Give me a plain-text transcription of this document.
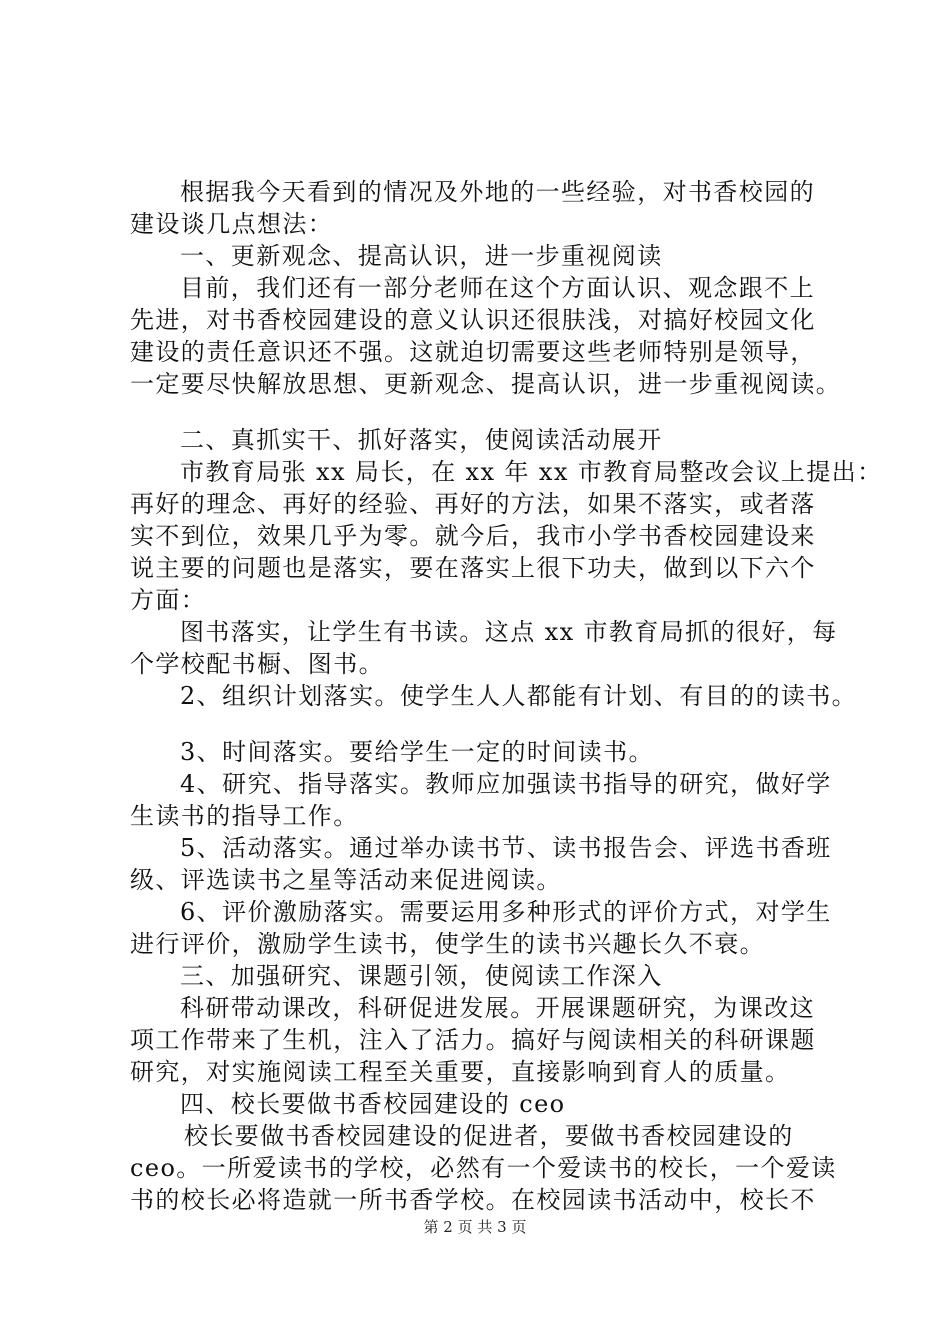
根据我今天看到的情况及外地的一些经验，对书香校园的
建设谈几点想法：
一、更新观念、提高认识，进一步重视阅读
目前，我们还有一部分老师在这个方面认识、观念跟不上
先进，对书香校园建设的意义认识还很肤浅，对搞好校园文化
建设的责任意识还不强。这就迫切需要这些老师特别是领导，
一定要尽快解放思想、更新观念、提高认识，进一步重视阅读。
二、真抓实干、抓好落实，使阅读活动展开
市教育局张 xx 局长，在 xx 年 xx 市教育局整改会议上提出：
再好的理念、再好的经验、再好的方法，如果不落实，或者落
实不到位，效果几乎为零。就今后，我市小学书香校园建设来
说主要的问题也是落实，要在落实上很下功夫，做到以下六个
方面：
图书落实，让学生有书读。这点 xx 市教育局抓的很好，每
个学校配书橱、图书。
2、组织计划落实。使学生人人都能有计划、有目的的读书。
3、时间落实。要给学生一定的时间读书。
4、研究、指导落实。教师应加强读书指导的研究，做好学
生读书的指导工作。
5、活动落实。通过举办读书节、读书报告会、评选书香班
级、评选读书之星等活动来促进阅读。
6、评价激励落实。需要运用多种形式的评价方式，对学生
进行评价，激励学生读书，使学生的读书兴趣长久不衰。
三、加强研究、课题引领，使阅读工作深入
科研带动课改，科研促进发展。开展课题研究，为课改这
项工作带来了生机，注入了活力。搞好与阅读相关的科研课题
研究，对实施阅读工程至关重要，直接影响到育人的质量。
四、校长要做书香校园建设的 ceo
校长要做书香校园建设的促进者，要做书香校园建设的
ceo。一所爱读书的学校，必然有一个爱读书的校长，一个爱读
书的校长必将造就一所书香学校。在校园读书活动中，校长不
第 2 页 共 3 页
